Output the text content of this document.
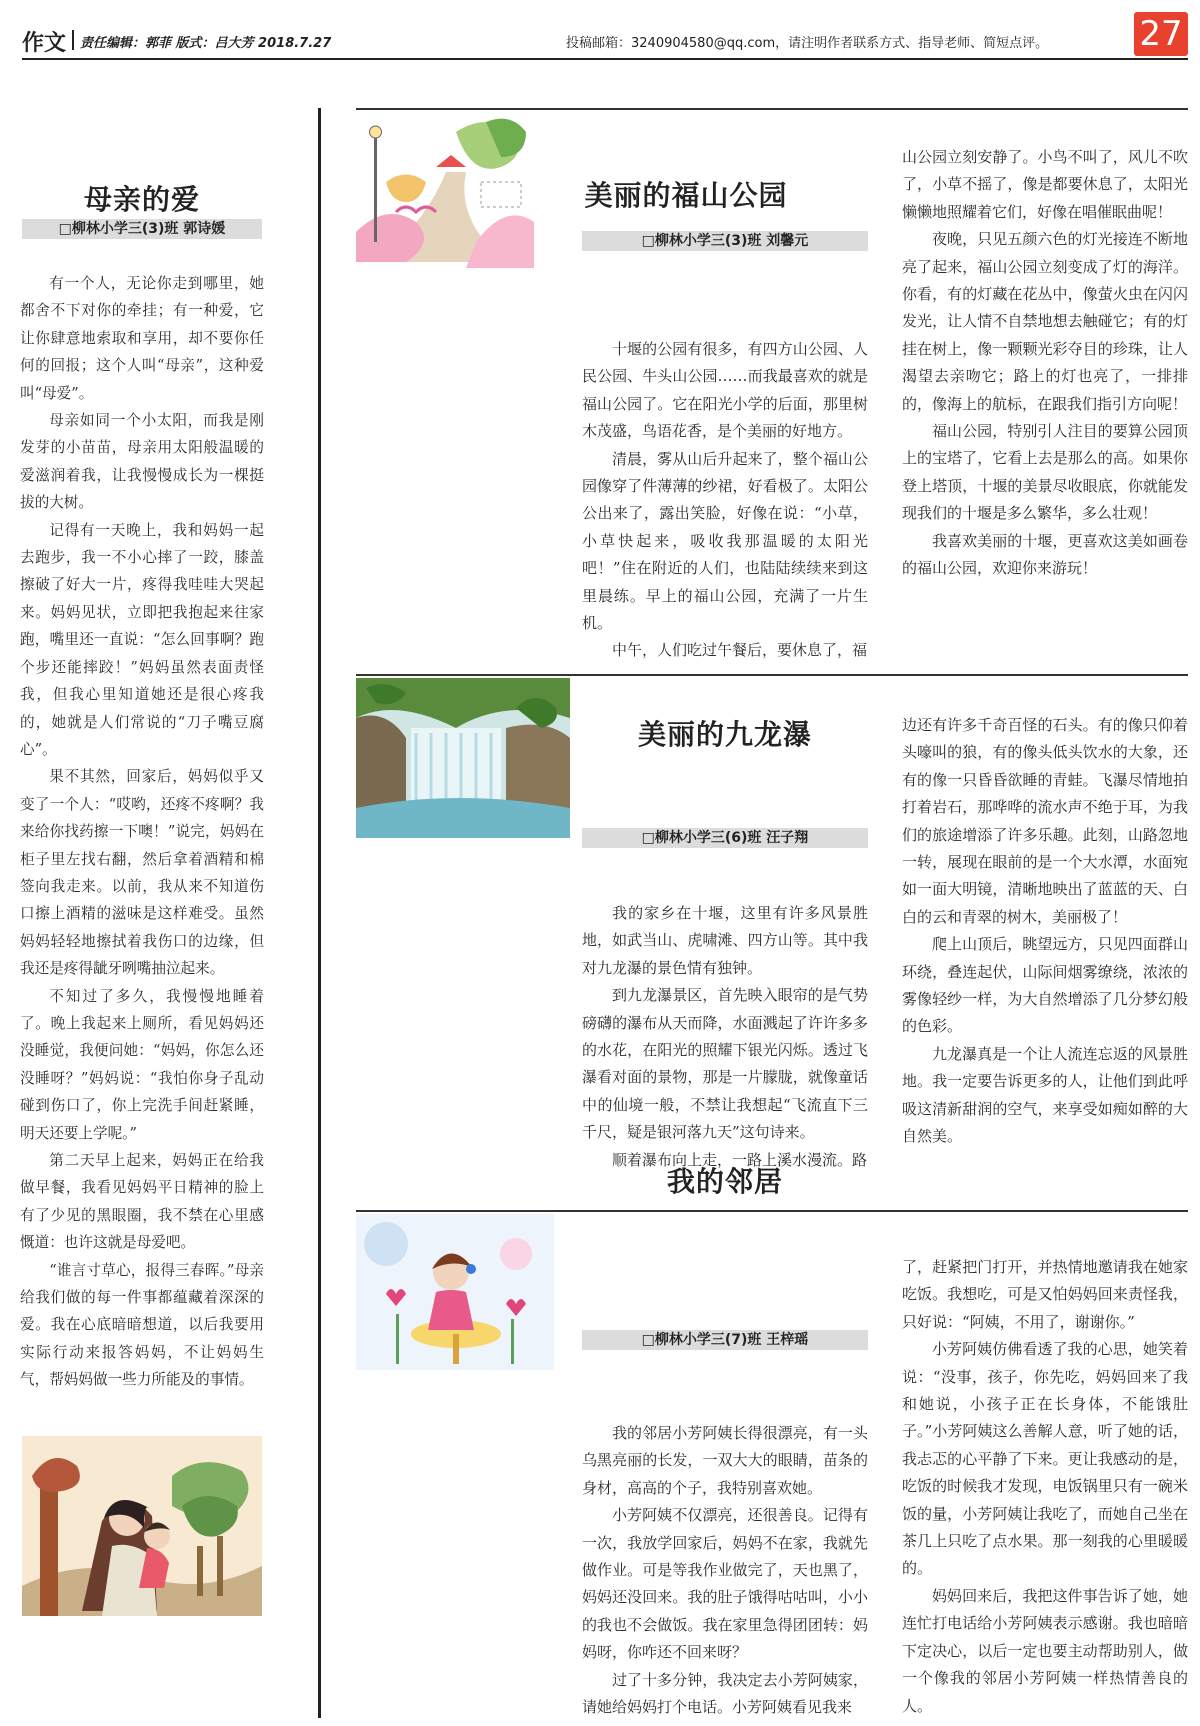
作文 责任编辑：郭菲 版式：吕大芳 2018.7.27	投稿邮箱：3240904580@qq.com，请注明作者联系方式、指导老师、简短点评。	27
母亲的爱
□柳林小学三(3)班 郭诗媛

有一个人，无论你走到哪里，她都舍不下对你的牵挂；有一种爱，它让你肆意地索取和享用，却不要你任何的回报；这个人叫“母亲”，这种爱叫“母爱”。

母亲如同一个小太阳，而我是刚发芽的小苗苗，母亲用太阳般温暖的爱滋润着我，让我慢慢成长为一棵挺拔的大树。

记得有一天晚上，我和妈妈一起去跑步，我一不小心摔了一跤，膝盖擦破了好大一片，疼得我哇哇大哭起来。妈妈见状，立即把我抱起来往家跑，嘴里还一直说：“怎么回事啊？跑个步还能摔跤！”妈妈虽然表面责怪我，但我心里知道她还是很心疼我的，她就是人们常说的“刀子嘴豆腐心”。

果不其然，回家后，妈妈似乎又变了一个人：“哎哟，还疼不疼啊？我来给你找药擦一下噢！”说完，妈妈在柜子里左找右翻，然后拿着酒精和棉签向我走来。以前，我从来不知道伤口擦上酒精的滋味是这样难受。虽然妈妈轻轻地擦拭着我伤口的边缘，但我还是疼得龇牙咧嘴抽泣起来。

不知过了多久，我慢慢地睡着了。晚上我起来上厕所，看见妈妈还没睡觉，我便问她：“妈妈，你怎么还没睡呀？”妈妈说：“我怕你身子乱动碰到伤口了，你上完洗手间赶紧睡，明天还要上学呢。”

第二天早上起来，妈妈正在给我做早餐，我看见妈妈平日精神的脸上有了少见的黑眼圈，我不禁在心里感慨道：也许这就是母爱吧。

“谁言寸草心，报得三春晖。”母亲给我们做的每一件事都蕴藏着深深的爱。我在心底暗暗想道，以后我要用实际行动来报答妈妈，不让妈妈生气，帮妈妈做一些力所能及的事情。

美丽的福山公园
□柳林小学三(3)班 刘馨元

十堰的公园有很多，有四方山公园、人民公园、牛头山公园……而我最喜欢的就是福山公园了。它在阳光小学的后面，那里树木茂盛，鸟语花香，是个美丽的好地方。

清晨，雾从山后升起来了，整个福山公园像穿了件薄薄的纱裙，好看极了。太阳公公出来了，露出笑脸，好像在说：“小草，小草快起来，吸收我那温暖的太阳光吧！”住在附近的人们，也陆陆续续来到这里晨练。早上的福山公园，充满了一片生机。

中午，人们吃过午餐后，要休息了，福

山公园立刻安静了。小鸟不叫了，风儿不吹了，小草不摇了，像是都要休息了，太阳光懒懒地照耀着它们，好像在唱催眠曲呢！

夜晚，只见五颜六色的灯光接连不断地亮了起来，福山公园立刻变成了灯的海洋。你看，有的灯藏在花丛中，像萤火虫在闪闪发光，让人情不自禁地想去触碰它；有的灯挂在树上，像一颗颗光彩夺目的珍珠，让人渴望去亲吻它；路上的灯也亮了，一排排的，像海上的航标，在跟我们指引方向呢！

福山公园，特别引人注目的要算公园顶上的宝塔了，它看上去是那么的高。如果你登上塔顶，十堰的美景尽收眼底，你就能发现我们的十堰是多么繁华，多么壮观！

我喜欢美丽的十堰，更喜欢这美如画卷的福山公园，欢迎你来游玩！

美丽的九龙瀑
□柳林小学三(6)班 汪子翔

我的家乡在十堰，这里有许多风景胜地，如武当山、虎啸滩、四方山等。其中我对九龙瀑的景色情有独钟。

到九龙瀑景区，首先映入眼帘的是气势磅礴的瀑布从天而降，水面溅起了许许多多的水花，在阳光的照耀下银光闪烁。透过飞瀑看对面的景物，那是一片朦胧，就像童话中的仙境一般，不禁让我想起“飞流直下三千尺，疑是银河落九天”这句诗来。

顺着瀑布向上走，一路上溪水漫流。路

边还有许多千奇百怪的石头。有的像只仰着头嚎叫的狼，有的像头低头饮水的大象，还有的像一只昏昏欲睡的青蛙。飞瀑尽情地拍打着岩石，那哗哗的流水声不绝于耳，为我们的旅途增添了许多乐趣。此刻，山路忽地一转，展现在眼前的是一个大水潭，水面宛如一面大明镜，清晰地映出了蓝蓝的天、白白的云和青翠的树木，美丽极了！

爬上山顶后，眺望远方，只见四面群山环绕，叠连起伏，山际间烟雾缭绕，浓浓的雾像轻纱一样，为大自然增添了几分梦幻般的色彩。

九龙瀑真是一个让人流连忘返的风景胜地。我一定要告诉更多的人，让他们到此呼吸这清新甜润的空气，来享受如痴如醉的大自然美。

我的邻居
□柳林小学三(7)班 王梓瑶

我的邻居小芳阿姨长得很漂亮，有一头乌黑亮丽的长发，一双大大的眼睛，苗条的身材，高高的个子，我特别喜欢她。

小芳阿姨不仅漂亮，还很善良。记得有一次，我放学回家后，妈妈不在家，我就先做作业。可是等我作业做完了，天也黑了，妈妈还没回来。我的肚子饿得咕咕叫，小小的我也不会做饭。我在家里急得团团转：妈妈呀，你咋还不回来呀？

过了十多分钟，我决定去小芳阿姨家，请她给妈妈打个电话。小芳阿姨看见我来

了，赶紧把门打开，并热情地邀请我在她家吃饭。我想吃，可是又怕妈妈回来责怪我，只好说：“阿姨，不用了，谢谢你。”

小芳阿姨仿佛看透了我的心思，她笑着说：“没事，孩子，你先吃，妈妈回来了我和她说，小孩子正在长身体，不能饿肚子。”小芳阿姨这么善解人意，听了她的话，我忐忑的心平静了下来。更让我感动的是，吃饭的时候我才发现，电饭锅里只有一碗米饭的量，小芳阿姨让我吃了，而她自己坐在茶几上只吃了点水果。那一刻我的心里暖暖的。

妈妈回来后，我把这件事告诉了她，她连忙打电话给小芳阿姨表示感谢。我也暗暗下定决心，以后一定也要主动帮助别人，做一个像我的邻居小芳阿姨一样热情善良的人。
